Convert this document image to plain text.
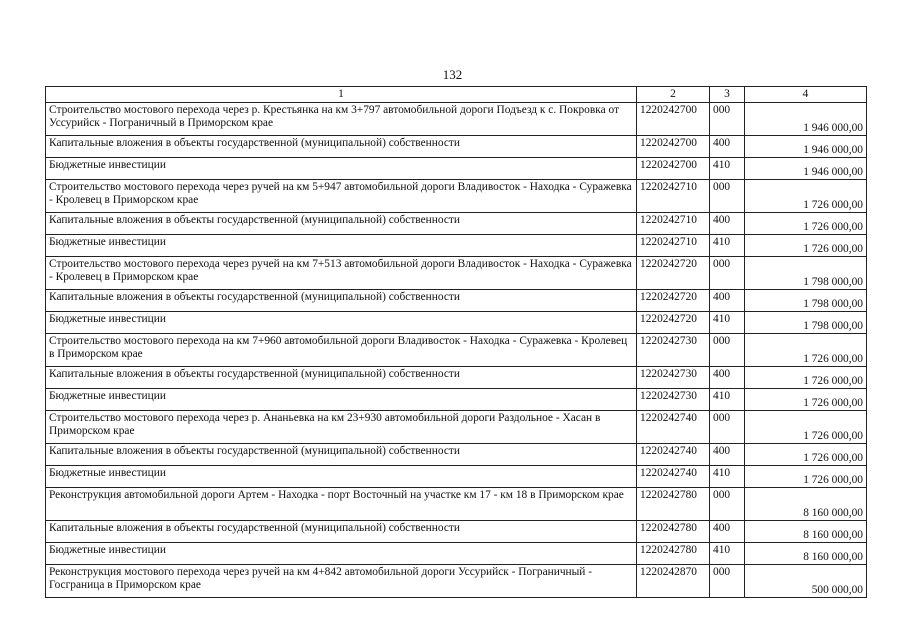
132
1	2	3	4
Строительство мостового перехода через р. Крестьянка на км 3+797 автомобильной дороги Подъезд к с. Покровка от Уссурийск - Пограничный в Приморском крае	1220242700	000	1 946 000,00
Капитальные вложения в объекты государственной (муниципальной) собственности	1220242700	400	1 946 000,00
Бюджетные инвестиции	1220242700	410	1 946 000,00
Строительство мостового перехода через ручей на км 5+947 автомобильной дороги Владивосток - Находка - Суражевка - Кролевец в Приморском крае	1220242710	000	1 726 000,00
Капитальные вложения в объекты государственной (муниципальной) собственности	1220242710	400	1 726 000,00
Бюджетные инвестиции	1220242710	410	1 726 000,00
Строительство мостового перехода через ручей на км 7+513 автомобильной дороги Владивосток - Находка - Суражевка - Кролевец в Приморском крае	1220242720	000	1 798 000,00
Капитальные вложения в объекты государственной (муниципальной) собственности	1220242720	400	1 798 000,00
Бюджетные инвестиции	1220242720	410	1 798 000,00
Строительство мостового перехода на км 7+960 автомобильной дороги Владивосток - Находка - Суражевка - Кролевец в Приморском крае	1220242730	000	1 726 000,00
Капитальные вложения в объекты государственной (муниципальной) собственности	1220242730	400	1 726 000,00
Бюджетные инвестиции	1220242730	410	1 726 000,00
Строительство мостового перехода через р. Ананьевка на км 23+930 автомобильной дороги Раздольное - Хасан в Приморском крае	1220242740	000	1 726 000,00
Капитальные вложения в объекты государственной (муниципальной) собственности	1220242740	400	1 726 000,00
Бюджетные инвестиции	1220242740	410	1 726 000,00
Реконструкция автомобильной дороги Артем - Находка - порт Восточный на участке км 17 - км 18 в Приморском крае	1220242780	000	8 160 000,00
Капитальные вложения в объекты государственной (муниципальной) собственности	1220242780	400	8 160 000,00
Бюджетные инвестиции	1220242780	410	8 160 000,00
Реконструкция мостового перехода через ручей на км 4+842 автомобильной дороги Уссурийск - Пограничный - Госграница в Приморском крае	1220242870	000	500 000,00
